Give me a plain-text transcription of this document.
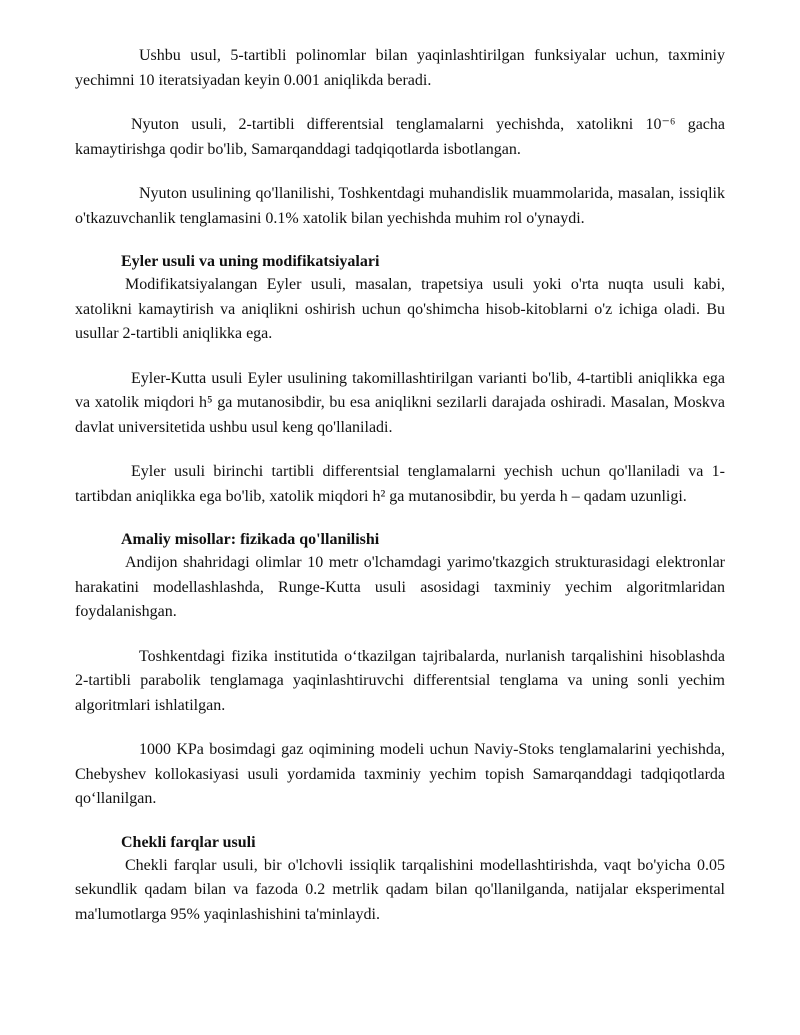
Ushbu usul, 5-tartibli polinomlar bilan yaqinlashtirilgan funksiyalar uchun, taxminiy yechimni 10 iteratsiyadan keyin 0.001 aniqlikda beradi.

Nyuton usuli, 2-tartibli differentsial tenglamalarni yechishda, xatolikni 10⁻⁶ gacha kamaytirishga qodir bo'lib, Samarqanddagi tadqiqotlarda isbotlangan.

Nyuton usulining qo'llanilishi, Toshkentdagi muhandislik muammolarida, masalan, issiqlik o'tkazuvchanlik tenglamasini 0.1% xatolik bilan yechishda muhim rol o'ynaydi.

Eyler usuli va uning modifikatsiyalari

Modifikatsiyalangan Eyler usuli, masalan, trapetsiya usuli yoki o'rta nuqta usuli kabi, xatolikni kamaytirish va aniqlikni oshirish uchun qo'shimcha hisob-kitoblarni o'z ichiga oladi. Bu usullar 2-tartibli aniqlikka ega.

Eyler-Kutta usuli Eyler usulining takomillashtirilgan varianti bo'lib, 4-tartibli aniqlikka ega va xatolik miqdori h⁵ ga mutanosibdir, bu esa aniqlikni sezilarli darajada oshiradi. Masalan, Moskva davlat universitetida ushbu usul keng qo'llaniladi.

Eyler usuli birinchi tartibli differentsial tenglamalarni yechish uchun qo'llaniladi va 1-tartibdan aniqlikka ega bo'lib, xatolik miqdori h² ga mutanosibdir, bu yerda h – qadam uzunligi.

Amaliy misollar: fizikada qo'llanilishi

Andijon shahridagi olimlar 10 metr o'lchamdagi yarimo'tkazgich strukturasidagi elektronlar harakatini modellashlashda, Runge-Kutta usuli asosidagi taxminiy yechim algoritmlaridan foydalanishgan.

Toshkentdagi fizika institutida o‘tkazilgan tajribalarda, nurlanish tarqalishini hisoblashda 2-tartibli parabolik tenglamaga yaqinlashtiruvchi differentsial tenglama va uning sonli yechim algoritmlari ishlatilgan.

1000 KPa bosimdagi gaz oqimining modeli uchun Naviy-Stoks tenglamalarini yechishda, Chebyshev kollokasiyasi usuli yordamida taxminiy yechim topish Samarqanddagi tadqiqotlarda qo‘llanilgan.

Chekli farqlar usuli

Chekli farqlar usuli, bir o'lchovli issiqlik tarqalishini modellashtirishda, vaqt bo'yicha 0.05 sekundlik qadam bilan va fazoda 0.2 metrlik qadam bilan qo'llanilganda, natijalar eksperimental ma'lumotlarga 95% yaqinlashishini ta'minlaydi.
